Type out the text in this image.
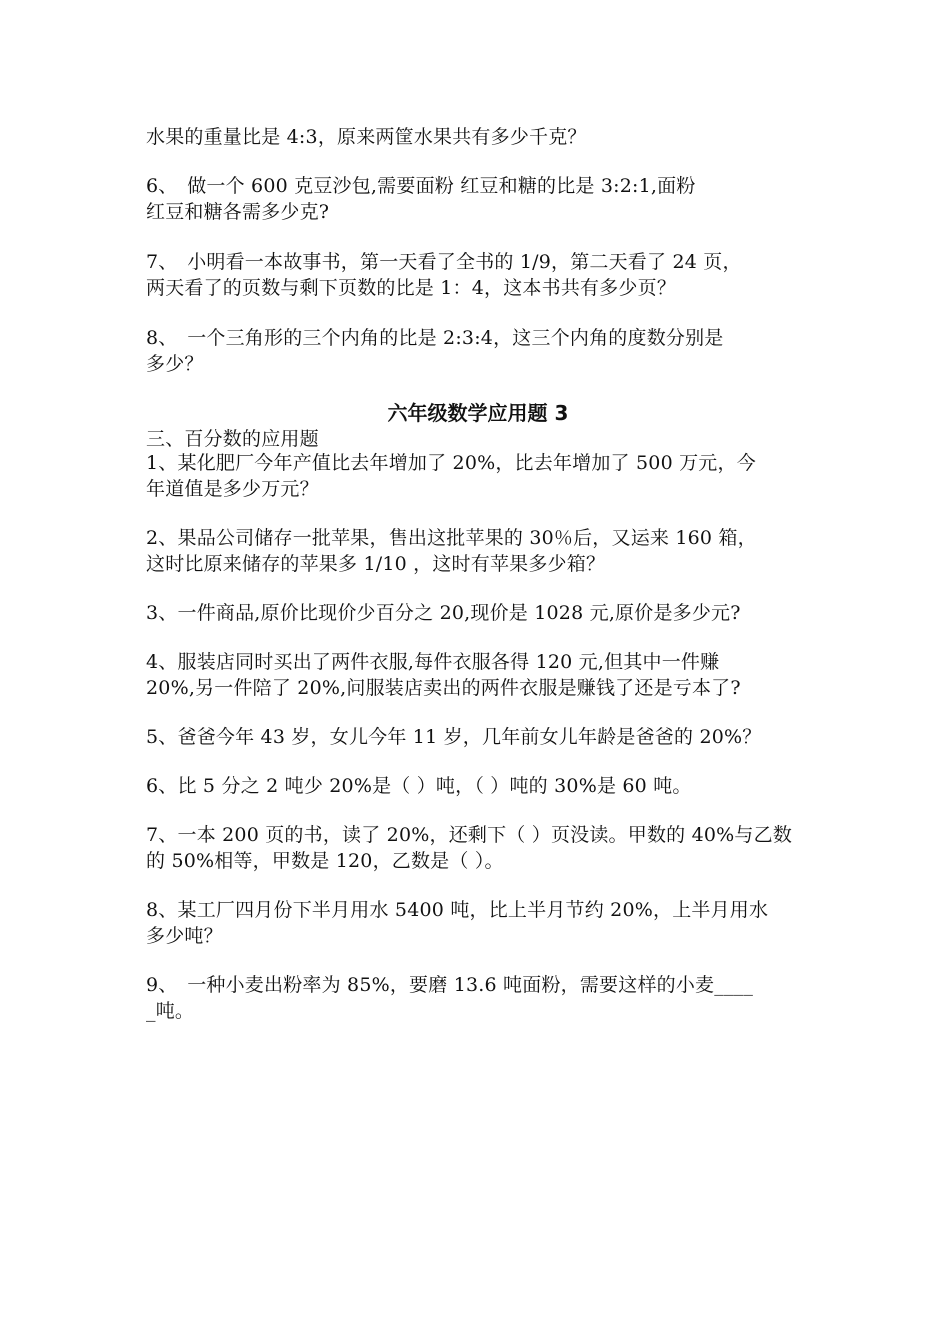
水果的重量比是 4:3，原来两筐水果共有多少千克？
6、　做一个 600 克豆沙包,需要面粉 红豆和糖的比是 3:2:1,面粉
红豆和糖各需多少克?
7、　小明看一本故事书，第一天看了全书的 1/9，第二天看了 24 页，
两天看了的页数与剩下页数的比是 1：4，这本书共有多少页？
8、　一个三角形的三个内角的比是 2:3:4，这三个内角的度数分别是
多少？
六年级数学应用题 3
三、百分数的应用题
1、某化肥厂今年产值比去年增加了 20%，比去年增加了 500 万元，今
年道值是多少万元？
2、果品公司储存一批苹果，售出这批苹果的 30％后，又运来 160 箱，
这时比原来储存的苹果多 1/10 ，这时有苹果多少箱？
3、一件商品,原价比现价少百分之 20,现价是 1028 元,原价是多少元?
4、服装店同时买出了两件衣服,每件衣服各得 120 元,但其中一件赚
20%,另一件陪了 20%,问服装店卖出的两件衣服是赚钱了还是亏本了?
5、爸爸今年 43 岁，女儿今年 11 岁，几年前女儿年龄是爸爸的 20%？
6、比 5 分之 2 吨少 20%是（ ）吨，（ ）吨的 30%是 60 吨。
7、一本 200 页的书，读了 20%，还剩下（ ）页没读。甲数的 40%与乙数
的 50%相等，甲数是 120，乙数是（ ）。
8、某工厂四月份下半月用水 5400 吨，比上半月节约 20%，上半月用水
多少吨？
9、　一种小麦出粉率为 85%，要磨 13.6 吨面粉，需要这样的小麦____
_吨。
